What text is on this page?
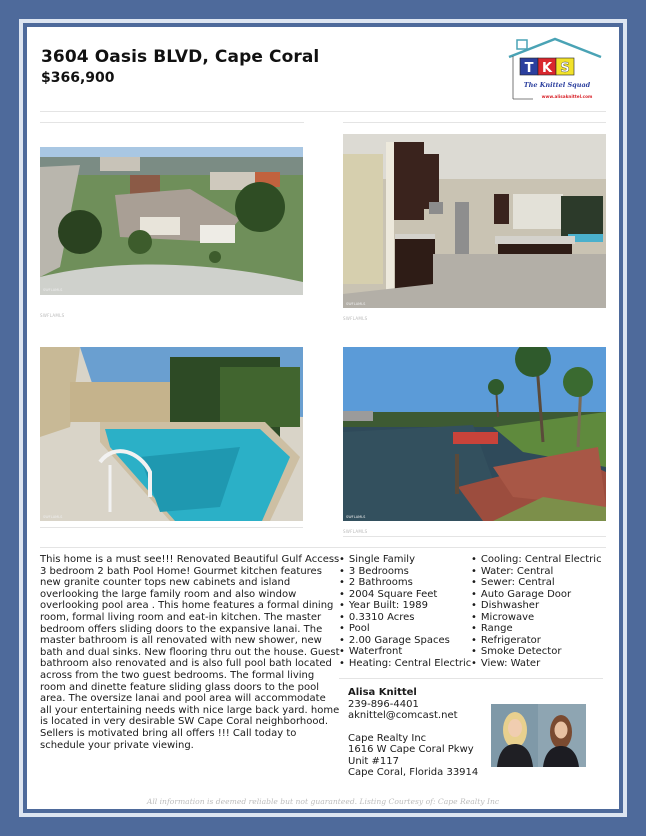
3604 Oasis BLVD, Cape Coral
$366,900
T K S
The Knittel Squad
www.alisaknittel.com
SWFLAMLS
SWFLAMLS
SWFLAMLS
SWFLAMLS
SWFLAMLS	SWFLAMLS
SWFLAMLS
This home is a must see!!! Renovated Beautiful Gulf Access 3 bedroom 2 bath Pool Home! Gourmet kitchen features new granite counter tops new cabinets and island overlooking the large family room and also window overlooking pool area . This home features a formal dining room, formal living room and eat-in kitchen. The master bedroom offers sliding doors to the expansive lanai. The master bathroom is all renovated with new shower, new bath and dual sinks. New flooring thru out the house. Guest bathroom also renovated and is also full pool bath located across from the two guest bedrooms. The formal living room and dinette feature sliding glass doors to the pool area. The oversize lanai and pool area will accommodate all your entertaining needs with nice large back yard. home is located in very desirable SW Cape Coral neighborhood. Sellers is motivated bring all offers !!! Call today to schedule your private viewing.
• Single Family
• 3 Bedrooms
• 2 Bathrooms
• 2004 Square Feet
• Year Built: 1989
• 0.3310 Acres
• Pool
• 2.00 Garage Spaces
• Waterfront
• Heating: Central Electric
• Cooling: Central Electric
• Water: Central
• Sewer: Central
• Auto Garage Door
• Dishwasher
• Microwave
• Range
• Refrigerator
• Smoke Detector
• View: Water
Alisa Knittel
239-896-4401
aknittel@comcast.net
Cape Realty Inc
1616 W Cape Coral Pkwy
Unit #117
Cape Coral, Florida 33914
All information is deemed reliable but not guaranteed. Listing Courtesy of: Cape Realty Inc
